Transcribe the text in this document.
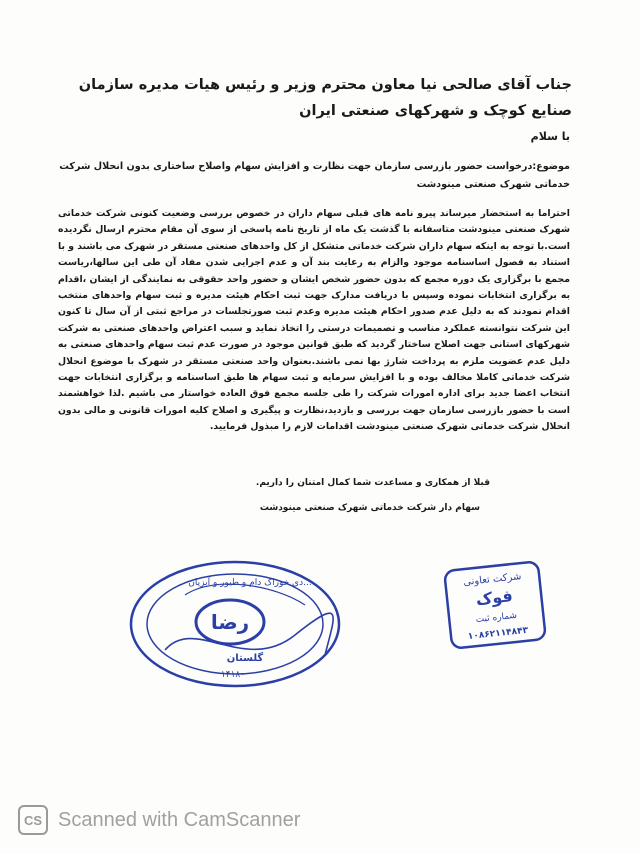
جناب آقای صالحی نیا معاون محترم وزیر و رئیس هیات مدیره سازمان صنایع کوچک و شهرکهای صنعتی ایران
با سلام
موضوع:درخواست حضور بازرسی سازمان جهت نظارت و افزایش سهام واصلاح ساختاری بدون انحلال شرکت خدماتی شهرک صنعتی مینودشت

احتراما به استحضار میرساند پیرو نامه های قبلی سهام داران در خصوص بررسی وضعیت کنونی شرکت خدماتی شهرک صنعتی مینودشت متاسفانه با گذشت یک ماه از تاریخ نامه پاسخی از سوی آن مقام محترم ارسال نگردیده است.با توجه به اینکه سهام داران شرکت خدماتی متشکل از کل واحدهای صنعتی مستقر در شهرک می باشند و با استناد به فصول اساسنامه موجود والزام به رعایت بند آن و عدم اجرایی شدن مفاد آن طی این سالها،ریاست مجمع با برگزاری یک دوره مجمع که بدون حضور شخص ایشان و حضور واحد حقوقی به نمایندگی از ایشان ،اقدام به برگزاری انتخابات نموده وسپس با دریافت مدارک جهت ثبت احکام هیئت مدیره و ثبت سهام واحدهای منتخب اقدام نمودند که به دلیل عدم صدور احکام هیئت مدیره وعدم ثبت صورتجلسات در مراجع ثبتی از آن سال تا کنون این شرکت نتوانسته عملکرد مناسب و تصمیمات درستی را اتخاذ نماید و سبب اعتراض واحدهای صنعتی به شرکت شهرکهای استانی جهت اصلاح ساختار گردید که طبق قوانین موجود در صورت عدم ثبت سهام واحدهای صنعتی به دلیل عدم عضویت ملزم به پرداخت شارژ بها نمی باشند.بعنوان واحد صنعتی مستقر در شهرک با موضوع انحلال شرکت خدماتی کاملا مخالف بوده و با افزایش سرمایه و ثبت سهام ها طبق اساسنامه و برگزاری انتخابات جهت انتخاب اعضا جدید برای اداره امورات شرکت را طی جلسه مجمع فوق العاده خواستار می باشیم .لذا خواهشمند است با حضور بازرسی سازمان جهت بررسی و بازدید،نظارت و پیگیری و اصلاح کلیه امورات قانونی و مالی بدون انحلال شرکت خدماتی شهرک صنعتی مینودشت اقدامات لازم را مبذول فرمایید.

قبلا از همکاری و مساعدت شما کمال امتنان را داریم.
سهام دار شرکت خدماتی شهرک صنعتی مینودشت
رضا
...دی خوراک دام و طیور و آبزیان
گلستان
۱۴۱۸۰
شرکت تعاونی
فوک
شماره ثبت
۱۰۸۶۲۱۱۴۸۴۳
CS Scanned with CamScanner
